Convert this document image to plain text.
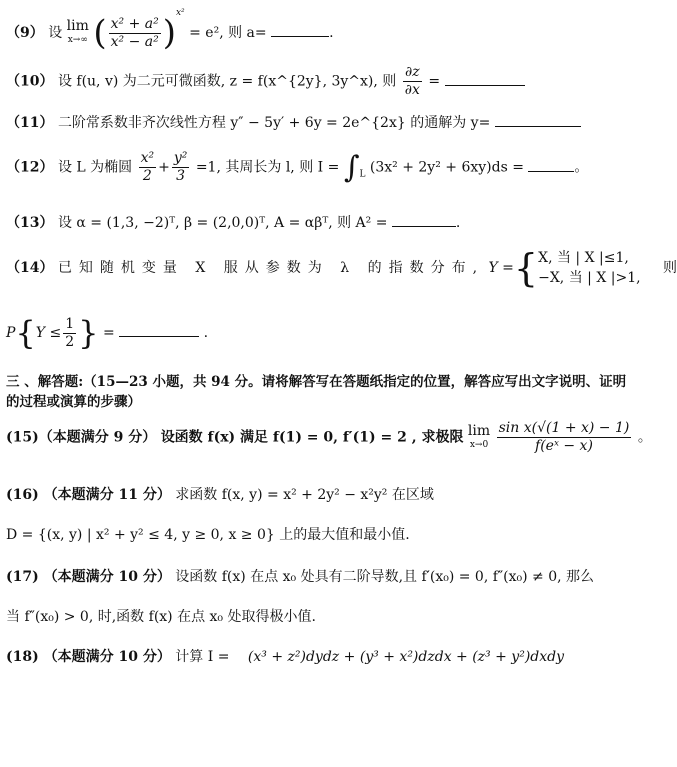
（9） 设 lim
x→∞ ( $\frac{\text{x² + a²}}{\text{x² − a²}} )^{x^2} = e^2$, 则 a=	.
（10） 设 f(u, v) 为二元可微函数, z = f(x^{2y}, 3y^x), 则 $\frac{\partial z}{\partial x}$ =
（11） 二阶常系数非齐次线性方程 y″ − 5y′ + 6y = 2e^{2x} 的通解为 y=
（12） 设 L 为椭圆 $\frac{\text{x²}}{2} + \frac{\text{y²}}{3} =1$, 其周长为 l, 则 $I = \int_L$ (3x² + 2y² + 6xy)ds =	。
（13） 设 α = (1,3, −2)ᵀ, β = (2,0,0)ᵀ, A = αβᵀ, 则 A² =	.
（14） 已知随机变量 X 服从参数为 λ 的指数分布, Y ={ X, 当 | X |≤1,
−X, 当 | X |>1,
则
$P\{Y \le \frac{1}{2}$ } =	.
三 、解答题:（15—23 小题，共 94 分。请将解答写在答题纸指定的位置，解答应写出文字说明、证明的过程或演算的步骤）
(15)（本题满分 9 分） 设函数 f(x) 满足 f(1) = 0, f′(1) = 2 , 求极限 lim
x→0
$\frac{\text{sin x(√(1 + x) − 1)}}{\text{f(eˣ − x)}}$ 。
(16) （本题满分 11 分） 求函数 f(x, y) = x² + 2y² − x²y² 在区域
D = {(x, y) | x² + y² ≤ 4, y ≥ 0, x ≥ 0} 上的最大值和最小值.
(17) （本题满分 10 分） 设函数 f(x) 在点 x₀ 处具有二阶导数,且 f′(x₀) = 0, f″(x₀) ≠ 0, 那么
当 f″(x₀) > 0, 时,函数 f(x) 在点 x₀ 处取得极小值.
(18) （本题满分 10 分） 计算 I = (x³ + z²)dydz + (y³ + x²)dzdx + (z³ + y²)dxdy
